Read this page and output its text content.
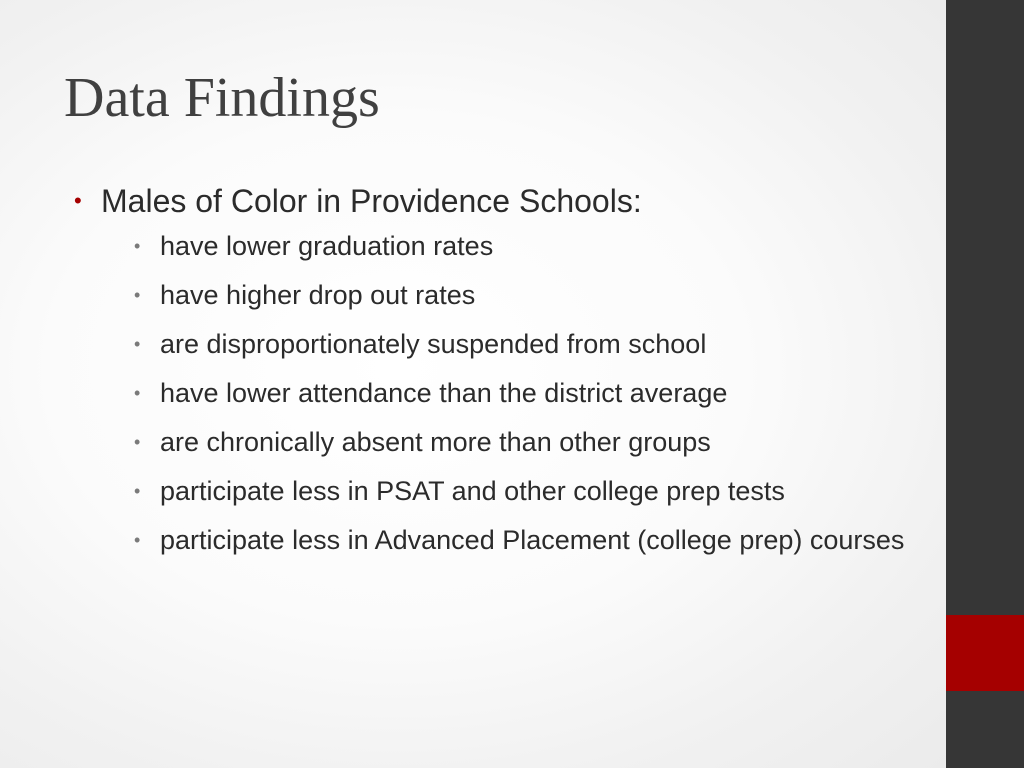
Data Findings
• Males of Color in Providence Schools:
• have lower graduation rates
• have higher drop out rates
• are disproportionately suspended from school
• have lower attendance than the district average
• are chronically absent more than other groups
• participate less in PSAT and other college prep tests
• participate less in Advanced Placement (college prep) courses
